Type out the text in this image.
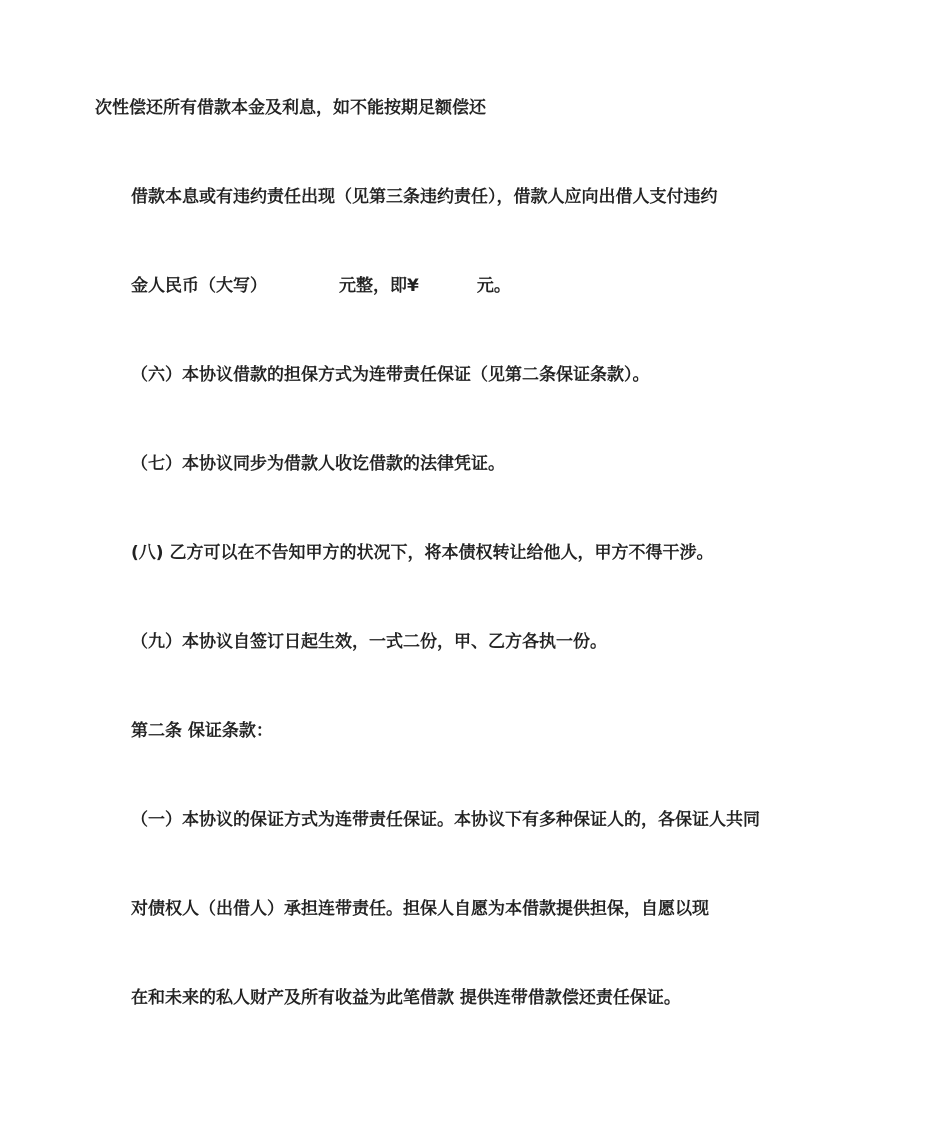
次性偿还所有借款本金及利息，如不能按期足额偿还
借款本息或有违约责任出现（见第三条违约责任），借款人应向出借人支付违约
金人民币（大写）	元整，即¥	元。
（六）本协议借款的担保方式为连带责任保证（见第二条保证条款）。
（七）本协议同步为借款人收讫借款的法律凭证。
(八) 乙方可以在不告知甲方的状况下，将本债权转让给他人，甲方不得干涉。
（九）本协议自签订日起生效，一式二份，甲、乙方各执一份。
第二条 保证条款：
（一）本协议的保证方式为连带责任保证。本协议下有多种保证人的，各保证人共同
对债权人（出借人）承担连带责任。担保人自愿为本借款提供担保，自愿以现
在和未来的私人财产及所有收益为此笔借款 提供连带借款偿还责任保证。
